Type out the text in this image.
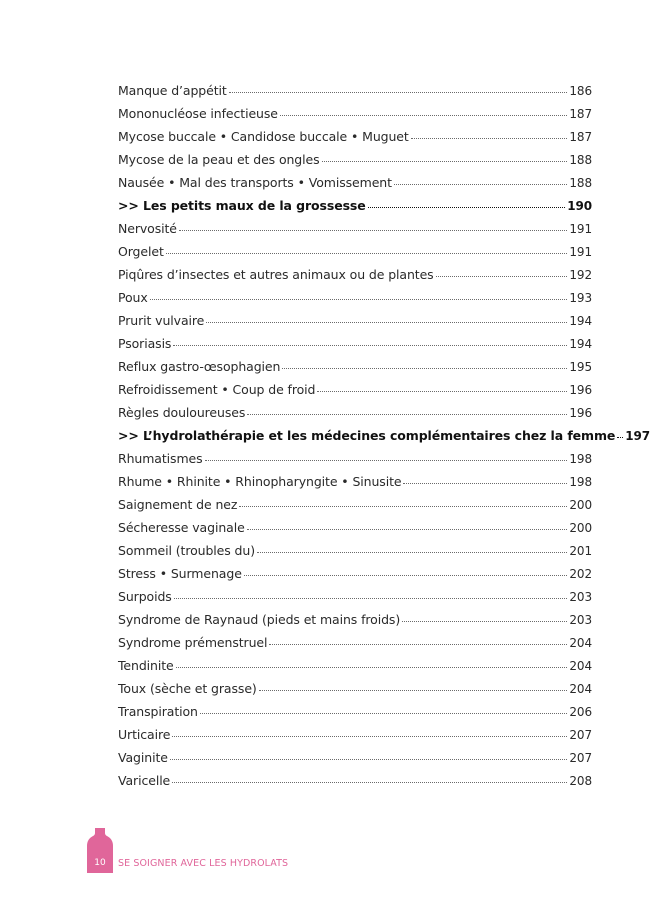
Manque d’appétit	186
Mononucléose infectieuse	187
Mycose buccale • Candidose buccale • Muguet	187
Mycose de la peau et des ongles	188
Nausée • Mal des transports • Vomissement	188
>> Les petits maux de la grossesse	190
Nervosité	191
Orgelet	191
Piqûres d’insectes et autres animaux ou de plantes	192
Poux	193
Prurit vulvaire	194
Psoriasis	194
Reflux gastro-œsophagien	195
Refroidissement • Coup de froid	196
Règles douloureuses	196
>> L’hydrolathérapie et les médecines complémentaires chez la femme 197
Rhumatismes	198
Rhume • Rhinite • Rhinopharyngite • Sinusite	198
Saignement de nez	200
Sécheresse vaginale	200
Sommeil (troubles du)	201
Stress • Surmenage	202
Surpoids	203
Syndrome de Raynaud (pieds et mains froids)	203
Syndrome prémenstruel	204
Tendinite	204
Toux (sèche et grasse)	204
Transpiration	206
Urticaire	207
Vaginite	207
Varicelle	208
10	SE SOIGNER AVEC LES HYDROLATS
